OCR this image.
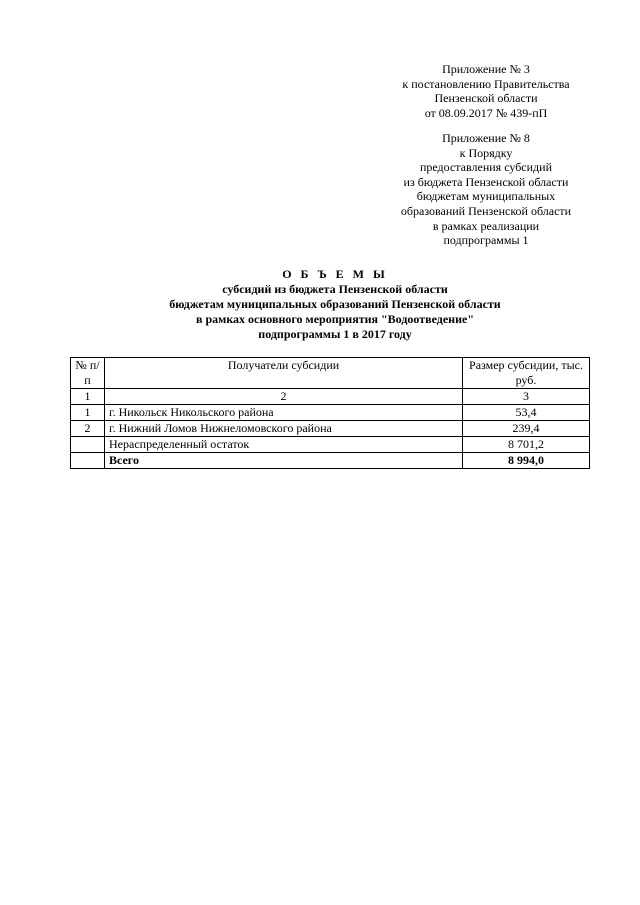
Приложение № 3
к постановлению Правительства
Пензенской области
от 08.09.2017 № 439-пП
Приложение № 8
к Порядку
предоставления субсидий
из бюджета Пензенской области
бюджетам муниципальных
образований Пензенской области
в рамках реализации
подпрограммы 1
О Б Ъ Е М Ы
субсидий из бюджета Пензенской области
бюджетам муниципальных образований Пензенской области
в рамках основного мероприятия "Водоотведение"
подпрограммы 1 в 2017 году
№ п/п	Получатели субсидии	Размер субсидии, тыс. руб.
1	2	3
1	г. Никольск Никольского района	53,4
2	г. Нижний Ломов Нижнеломовского района	239,4
	Нераспределенный остаток	8 701,2
	Всего	8 994,0
